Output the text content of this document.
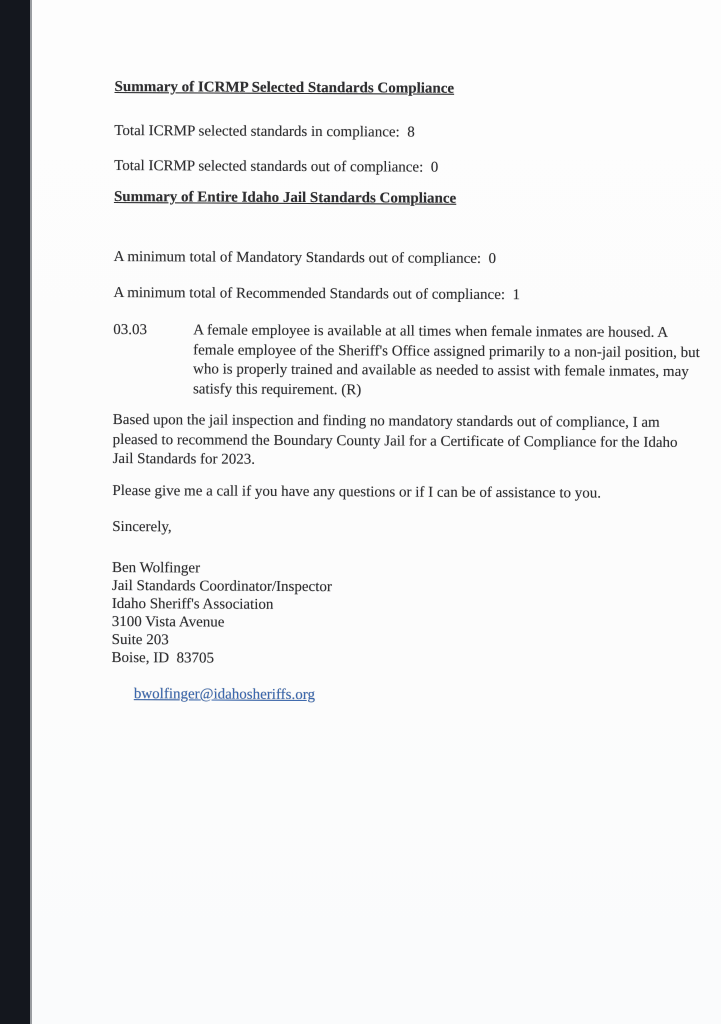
Summary of ICRMP Selected Standards Compliance
Total ICRMP selected standards in compliance:  8
Total ICRMP selected standards out of compliance:  0
Summary of Entire Idaho Jail Standards Compliance
A minimum total of Mandatory Standards out of compliance:  0
A minimum total of Recommended Standards out of compliance:  1
03.03	A female employee is available at all times when female inmates are housed. A
female employee of the Sheriff's Office assigned primarily to a non-jail position, but
who is properly trained and available as needed to assist with female inmates, may
satisfy this requirement. (R)
Based upon the jail inspection and finding no mandatory standards out of compliance, I am
pleased to recommend the Boundary County Jail for a Certificate of Compliance for the Idaho
Jail Standards for 2023.
Please give me a call if you have any questions or if I can be of assistance to you.
Sincerely,
Ben Wolfinger
Jail Standards Coordinator/Inspector
Idaho Sheriff's Association
3100 Vista Avenue
Suite 203
Boise, ID  83705

bwolfinger@idahosheriffs.org
